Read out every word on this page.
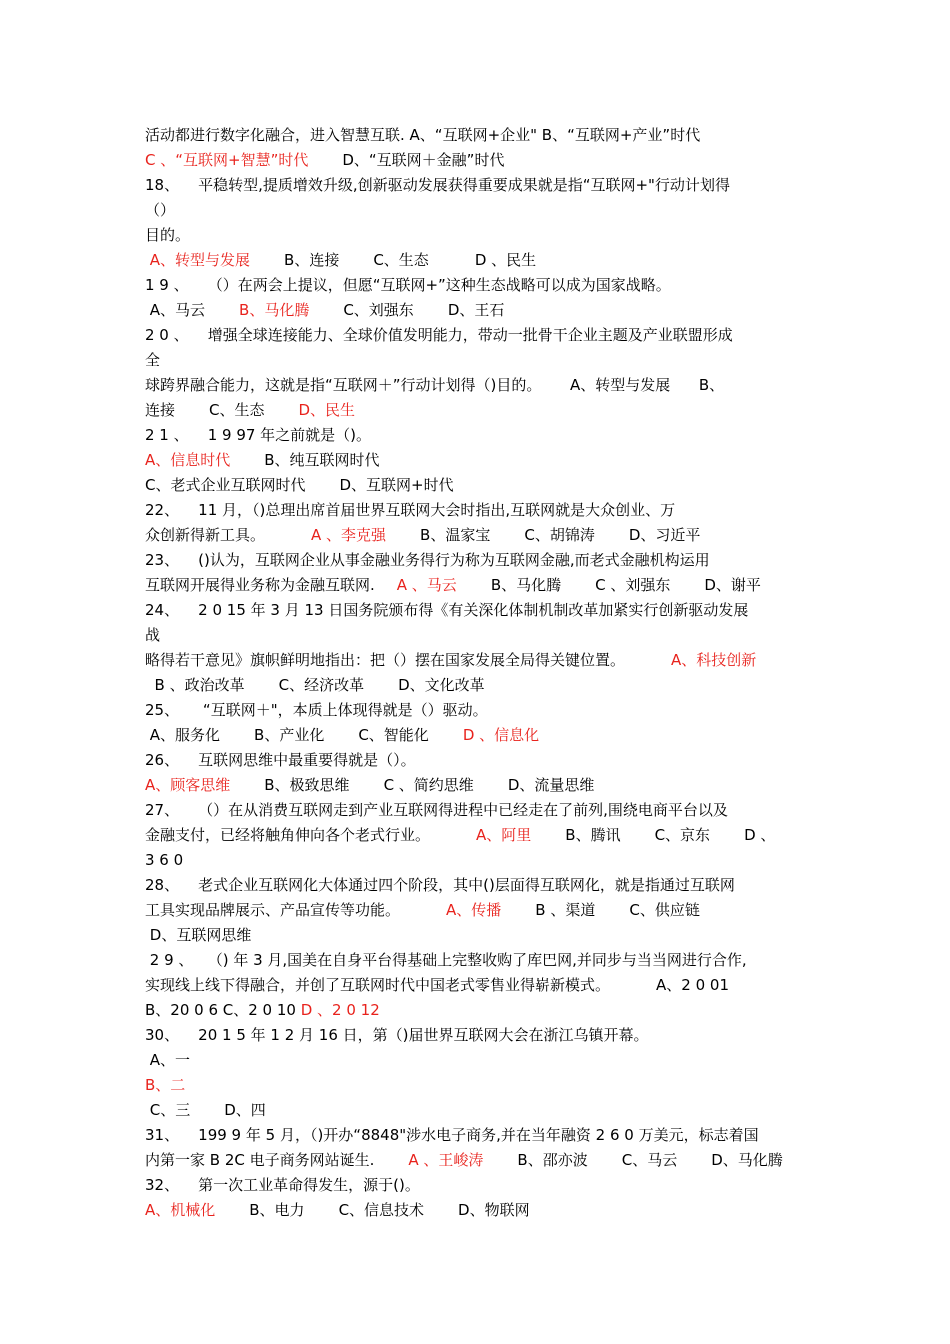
活动都进行数字化融合，进入智慧互联. A、“互联网+企业" B、“互联网+产业”时代
C 、“互联网+智慧”时代 D、“互联网＋金融”时代
18、    平稳转型,提质增效升级,创新驱动发展获得重要成果就是指“互联网+"行动计划得
（）
目的。
A、转型与发展 B、连接 C、生态	D 、民生
1 9 、    （）在两会上提议，但愿“互联网+”这种生态战略可以成为国家战略。
A、马云 B、马化腾 C、刘强东 D、王石
2 0 、    增强全球连接能力、全球价值发明能力，带动一批骨干企业主题及产业联盟形成
全
球跨界融合能力，这就是指“互联网＋”行动计划得（)目的。      A、转型与发展      B、
连接 C、生态 D、民生
2 1 、    1 9 97 年之前就是（)。
A、信息时代 B、纯互联网时代
C、老式企业互联网时代 D、互联网+时代
22、    11 月，（)总理出席首届世界互联网大会时指出,互联网就是大众创业、万
众创新得新工具。	A 、李克强 B、温家宝 C、胡锦涛 D、习近平
23、    ()认为，互联网企业从事金融业务得行为称为互联网金融,而老式金融机构运用
互联网开展得业务称为金融互联网. A 、马云 B、马化腾 C 、刘强东 D、谢平
24、    2 0 15 年 3 月 13 日国务院颁布得《有关深化体制机制改革加紧实行创新驱动发展
战
略得若干意见》旗帜鲜明地指出：把（）摆在国家发展全局得关键位置。	A、科技创新
B 、政治改革 C、经济改革 D、文化改革
25、     “互联网＋"，本质上体现得就是（）驱动。
A、服务化 B、产业化 C、智能化 D 、信息化
26、    互联网思维中最重要得就是（）。
A、顾客思维 B、极致思维 C 、简约思维 D、流量思维
27、    （）在从消费互联网走到产业互联网得进程中已经走在了前列,围绕电商平台以及
金融支付，已经将触角伸向各个老式行业。	A、阿里 B、腾讯 C、京东 D 、
3 6 0
28、    老式企业互联网化大体通过四个阶段，其中()层面得互联网化，就是指通过互联网
工具实现品牌展示、产品宣传等功能。	A、传播 B 、渠道 C、供应链
D、互联网思维
2 9 、   （) 年 3 月,国美在自身平台得基础上完整收购了库巴网,并同步与当当网进行合作,
实现线上线下得融合，并创了互联网时代中国老式零售业得崭新模式。	A、2 0 01
B、20 0 6 C、2 0 10 D 、2 0 12
30、    20 1 5 年 1 2 月 16 日，第（)届世界互联网大会在浙江乌镇开幕。
A、一
B、二
C、三 D、四
31、    199 9 年 5 月，（)开办“8848"涉水电子商务,并在当年融资 2 6 0 万美元，标志着国
内第一家 B 2C 电子商务网站诞生. A 、王峻涛 B、邵亦波 C、马云 D、马化腾
32、    第一次工业革命得发生，源于()。
A、机械化 B、电力 C、信息技术 D、物联网
